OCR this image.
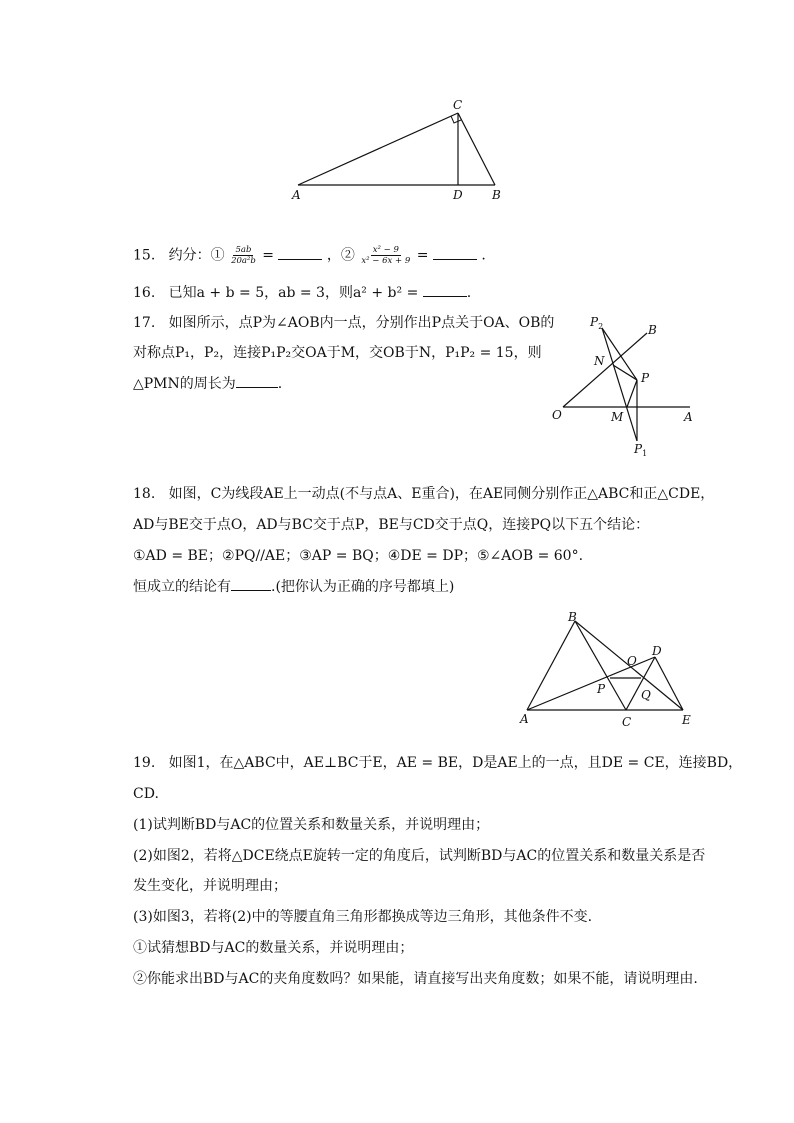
C
A	D B
15. 约分：① $\frac{5ab}{\text{20a²b}}$ =	，② $\frac{\text{x² − 9}}{\text{x² − 6x + 9}}$ =	.
16. 已知a + b = 5，ab = 3，则a² + b² =	.
17. 如图所示，点P为∠AOB内一点，分别作出P点关于OA、OB的
对称点P₁，P₂，连接P₁P₂交OA于M，交OB于N，P₁P₂ = 15，则
△PMN的周长为	.
$P_2$	B
N
P
O	M	A
$P_1$
18. 如图，C为线段AE上一动点(不与点A、E重合)，在AE同侧分别作正△ABC和正△CDE，
AD与BE交于点O，AD与BC交于点P，BE与CD交于点Q，连接PQ以下五个结论：
①AD = BE；②PQ//AE；③AP = BQ；④DE = DP；⑤∠AOB = 60°.
恒成立的结论有	.(把你认为正确的序号都填上)
B
D
O
P	Q
A	C	E
19. 如图1，在△ABC中，AE⊥BC于E，AE = BE，D是AE上的一点，且DE = CE，连接BD，
CD.
(1)试判断BD与AC的位置关系和数量关系，并说明理由；
(2)如图2，若将△DCE绕点E旋转一定的角度后，试判断BD与AC的位置关系和数量关系是否
发生变化，并说明理由；
(3)如图3，若将(2)中的等腰直角三角形都换成等边三角形，其他条件不变.
①试猜想BD与AC的数量关系，并说明理由；
②你能求出BD与AC的夹角度数吗？如果能，请直接写出夹角度数；如果不能，请说明理由.
